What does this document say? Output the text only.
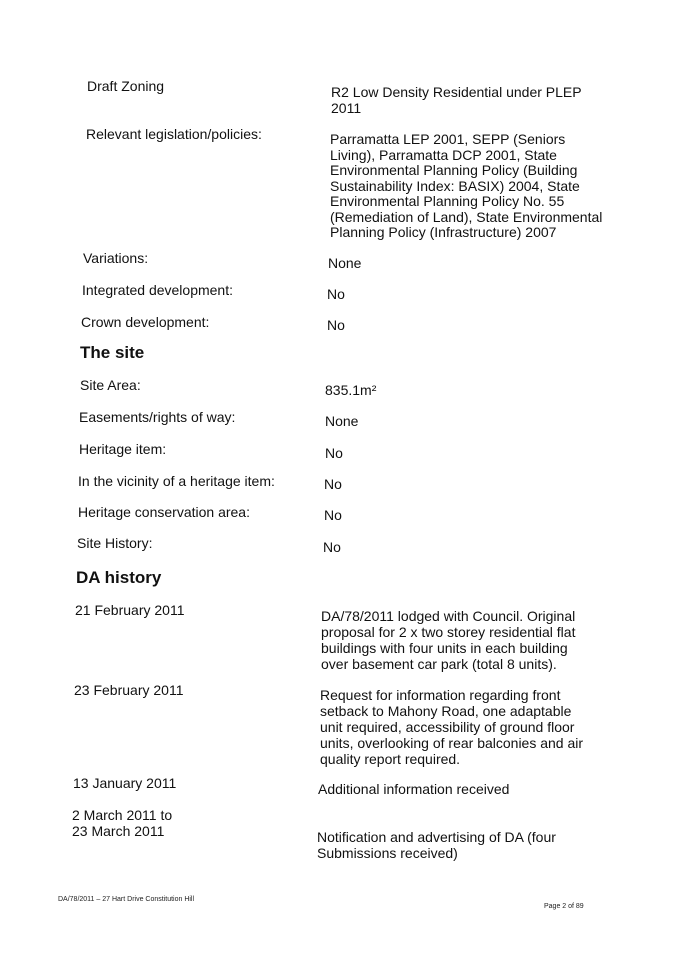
Draft Zoning	R2 Low Density Residential under PLEP
2011
Relevant legislation/policies:	Parramatta LEP 2001, SEPP (Seniors
Living), Parramatta DCP 2001, State
Environmental Planning Policy (Building
Sustainability Index: BASIX) 2004, State
Environmental Planning Policy No. 55
(Remediation of Land), State Environmental
Planning Policy (Infrastructure) 2007
Variations:	None
Integrated development:	No
Crown development:	No
The site
Site Area:	835.1m²
Easements/rights of way:	None
Heritage item:	No
In the vicinity of a heritage item:	No
Heritage conservation area:	No
Site History:	No
DA history
21 February 2011	DA/78/2011 lodged with Council. Original
proposal for 2 x two storey residential flat
buildings with four units in each building
over basement car park (total 8 units).
23 February 2011	Request for information regarding front
setback to Mahony Road, one adaptable
unit required, accessibility of ground floor
units, overlooking of rear balconies and air
quality report required.
13 January 2011	Additional information received
2 March 2011 to
23 March 2011	Notification and advertising of DA (four
Submissions received)
DA/78/2011 – 27 Hart Drive Constitution Hill
Page 2 of 89
